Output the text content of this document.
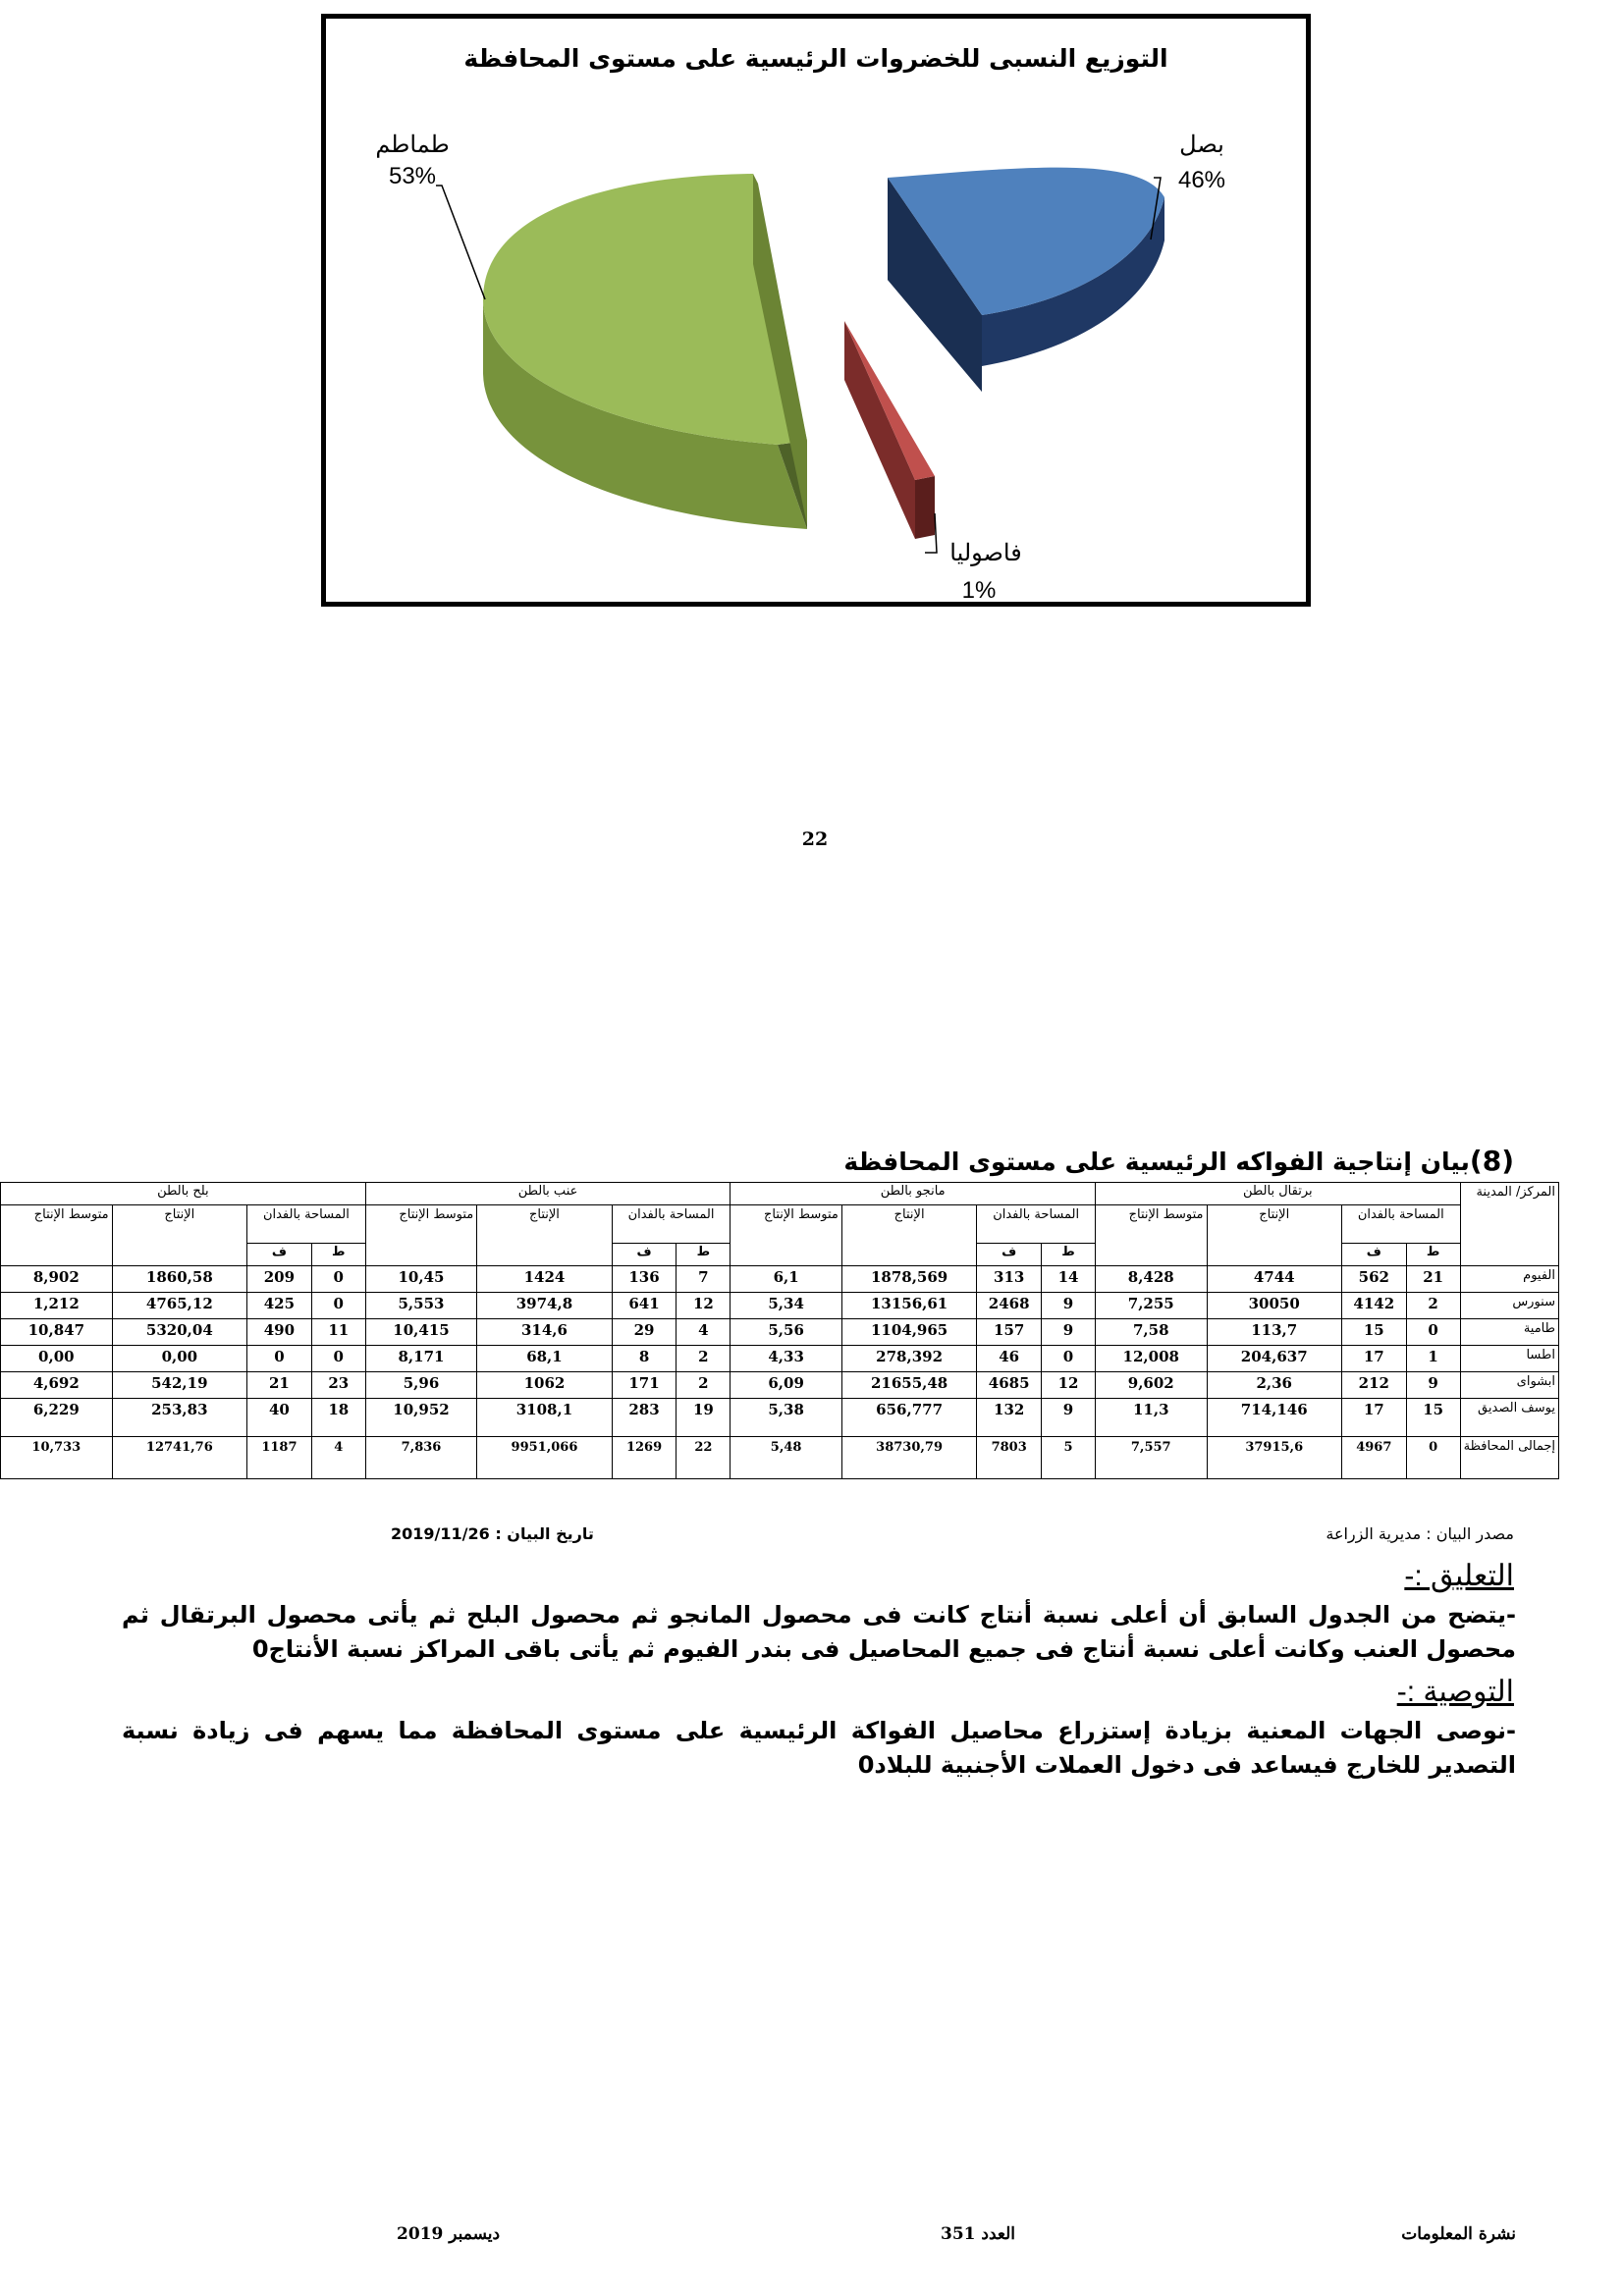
التوزيع النسبى للخضروات الرئيسية على مستوى المحافظة
بصل
46%
طماطم
53%
فاصوليا
1%
22
(8)بيان إنتاجية الفواكه الرئيسية على مستوى المحافظة
المركز/ المدينة	برتقال بالطن				مانجو بالطن				عنب بالطن				بلح بالطن			
	المساحة بالفدان		الإنتاج	متوسط الإنتاج	المساحة بالفدان		الإنتاج	متوسط الإنتاج	المساحة بالفدان		الإنتاج	متوسط الإنتاج	المساحة بالفدان		الإنتاج	متوسط الإنتاج
	ط	ف			ط	ف			ط	ف			ط	ف		
الفيوم	21	562	4744	8,428	14	313	1878,569	6,1	7	136	1424	10,45	0	209	1860,58	8,902
سنورس	2	4142	30050	7,255	9	2468	13156,61	5,34	12	641	3974,8	5,553	0	425	4765,12	1,212
طامية	0	15	113,7	7,58	9	157	1104,965	5,56	4	29	314,6	10,415	11	490	5320,04	10,847
اطسا	1	17	204,637	12,008	0	46	278,392	4,33	2	8	68,1	8,171	0	0	0,00	0,00
ابشواى	9	212	2,36	9,602	12	4685	21655,48	6,09	2	171	1062	5,96	23	21	542,19	4,692
يوسف الصديق	15	17	714,146	11,3	9	132	656,777	5,38	19	283	3108,1	10,952	18	40	253,83	6,229
إجمالى المحافظة	0	4967	37915,6	7,557	5	7803	38730,79	5,48	22	1269	9951,066	7,836	4	1187	12741,76	10,733
مصدر البيان : مديرية الزراعة
تاريخ البيان : 2019/11/26
التعليق :-
-يتضح من الجدول السابق أن أعلى نسبة أنتاج كانت فى محصول المانجو ثم محصول البلح ثم يأتى محصول البرتقال ثم محصول العنب وكانت أعلى نسبة أنتاج فى جميع المحاصيل فى بندر الفيوم ثم يأتى باقى المراكز نسبة الأنتاج0
التوصية :-
-نوصى الجهات المعنية بزيادة إستزراع محاصيل الفواكة الرئيسية على مستوى المحافظة مما يسهم فى زيادة نسبة التصدير للخارج فيساعد فى دخول العملات الأجنبية للبلاد0
نشرة المعلومات
العدد 351
ديسمبر 2019
